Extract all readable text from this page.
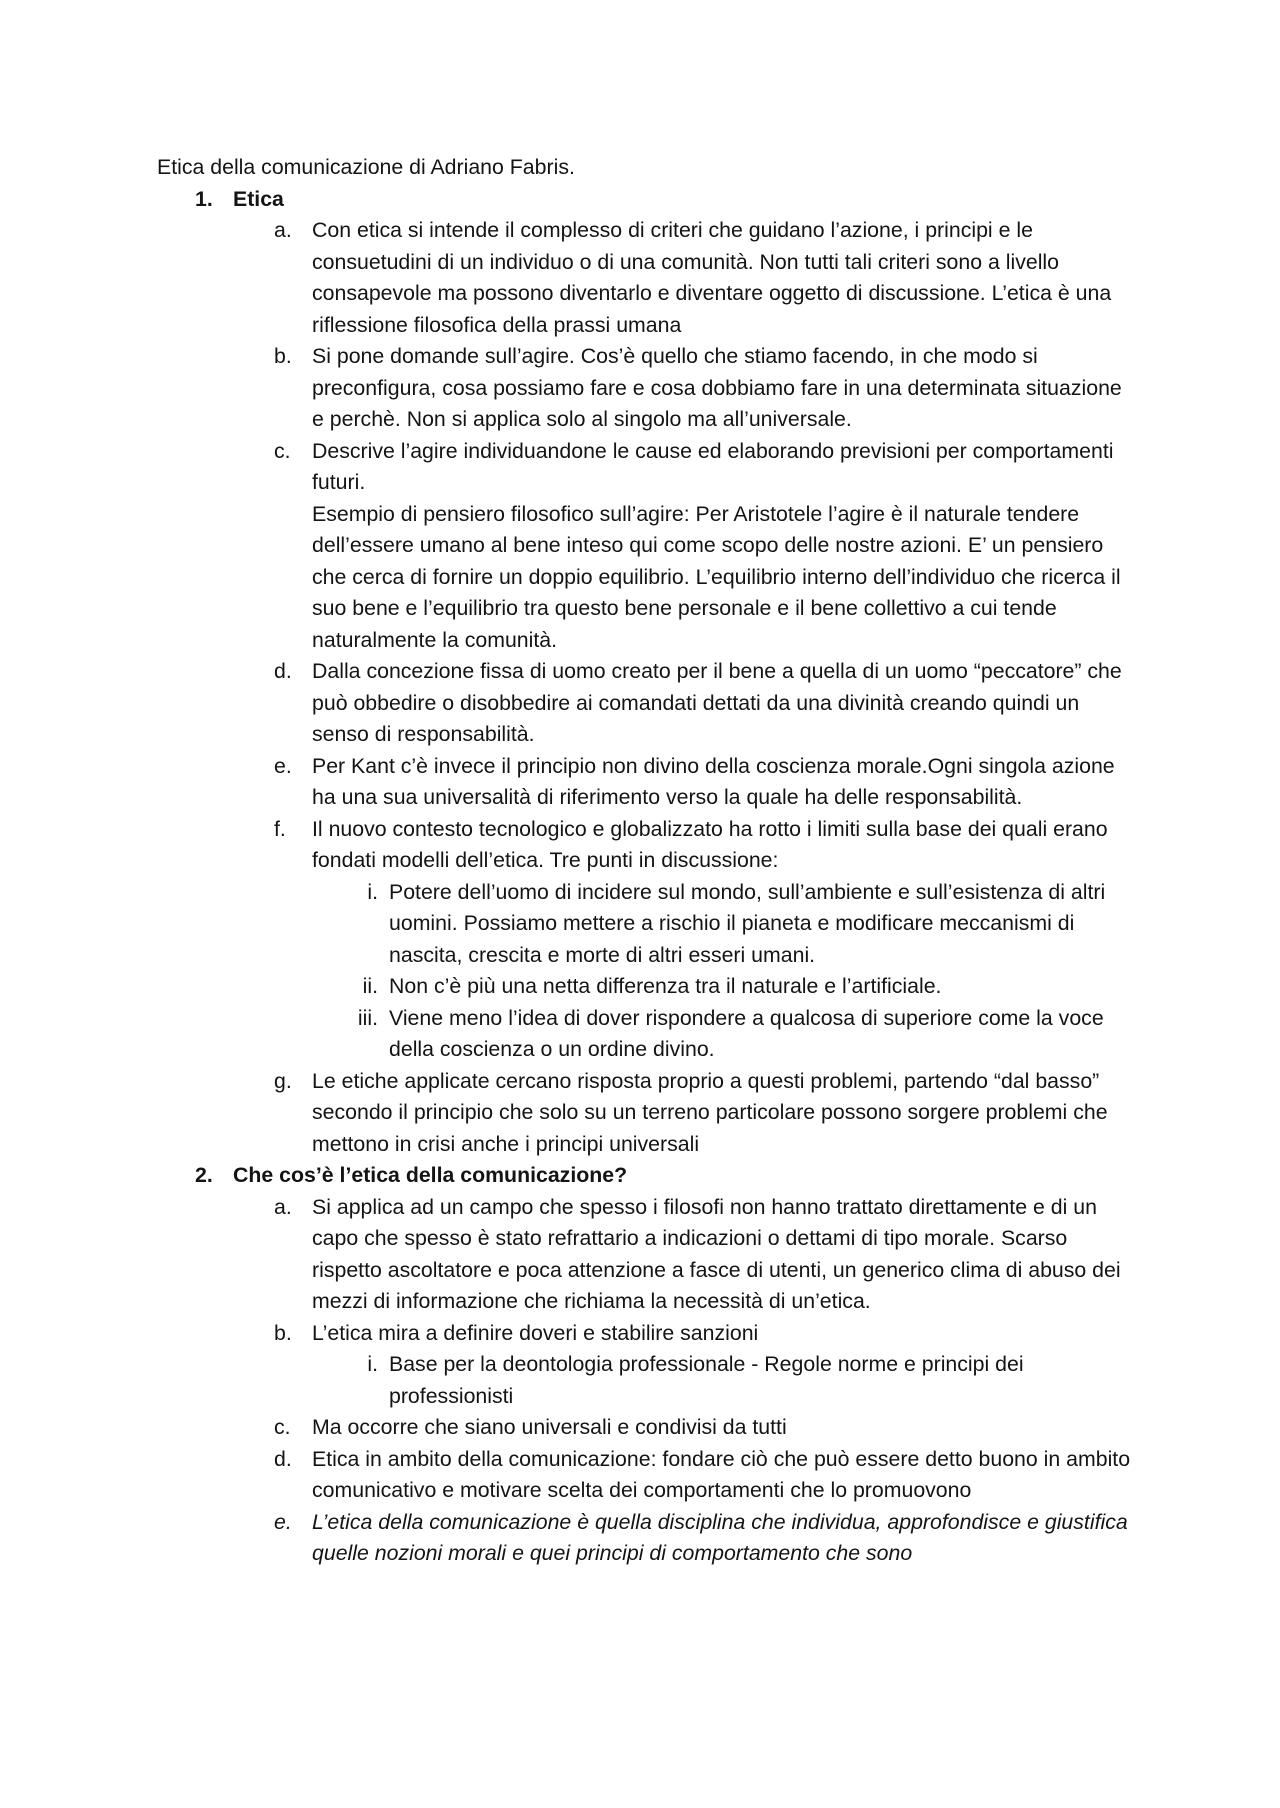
Etica della comunicazione di Adriano Fabris.

1. Etica
a. Con etica si intende il complesso di criteri che guidano l’azione, i principi e le consuetudini di un individuo o di una comunità. Non tutti tali criteri sono a livello consapevole ma possono diventarlo e diventare oggetto di discussione. L’etica è una riflessione filosofica della prassi umana
b. Si pone domande sull’agire. Cos’è quello che stiamo facendo, in che modo si preconfigura, cosa possiamo fare e cosa dobbiamo fare in una determinata situazione e perchè. Non si applica solo al singolo ma all’universale.
c.	Descrive l’agire individuandone le cause ed elaborando previsioni per comportamenti futuri.
Esempio di pensiero filosofico sull’agire: Per Aristotele l’agire è il naturale tendere dell’essere umano al bene inteso qui come scopo delle nostre azioni. E’ un pensiero che cerca di fornire un doppio equilibrio. L’equilibrio interno dell’individuo che ricerca il suo bene e l’equilibrio tra questo bene personale e il bene collettivo a cui tende naturalmente la comunità.
d. Dalla concezione fissa di uomo creato per il bene a quella di un uomo “peccatore” che può obbedire o disobbedire ai comandati dettati da una divinità creando quindi un senso di responsabilità.
e. Per Kant c’è invece il principio non divino della coscienza morale.Ogni singola azione ha una sua universalità di riferimento verso la quale ha delle responsabilità.
f.	Il nuovo contesto tecnologico e globalizzato ha rotto i limiti sulla base dei quali erano fondati modelli dell’etica. Tre punti in discussione:
i. Potere dell’uomo di incidere sul mondo, sull’ambiente e sull’esistenza di altri uomini. Possiamo mettere a rischio il pianeta e modificare meccanismi di nascita, crescita e morte di altri esseri umani.
ii. Non c’è più una netta differenza tra il naturale e l’artificiale.
iii. Viene meno l’idea di dover rispondere a qualcosa di superiore come la voce della coscienza o un ordine divino.
g. Le etiche applicate cercano risposta proprio a questi problemi, partendo “dal basso” secondo il principio che solo su un terreno particolare possono sorgere problemi che mettono in crisi anche i principi universali
2. Che cos’è l’etica della comunicazione?
a. Si applica ad un campo che spesso i filosofi non hanno trattato direttamente e di un capo che spesso è stato refrattario a indicazioni o dettami di tipo morale. Scarso rispetto ascoltatore e poca attenzione a fasce di utenti, un generico clima di abuso dei mezzi di informazione che richiama la necessità di un’etica.
b. L’etica mira a definire doveri e stabilire sanzioni
i. Base per la deontologia professionale - Regole norme e principi dei professionisti
c.	Ma occorre che siano universali e condivisi da tutti
d. Etica in ambito della comunicazione: fondare ciò che può essere detto buono in ambito comunicativo e motivare scelta dei comportamenti che lo promuovono
e. L’etica della comunicazione è quella disciplina che individua, approfondisce e giustifica quelle nozioni morali e quei principi di comportamento che sono
